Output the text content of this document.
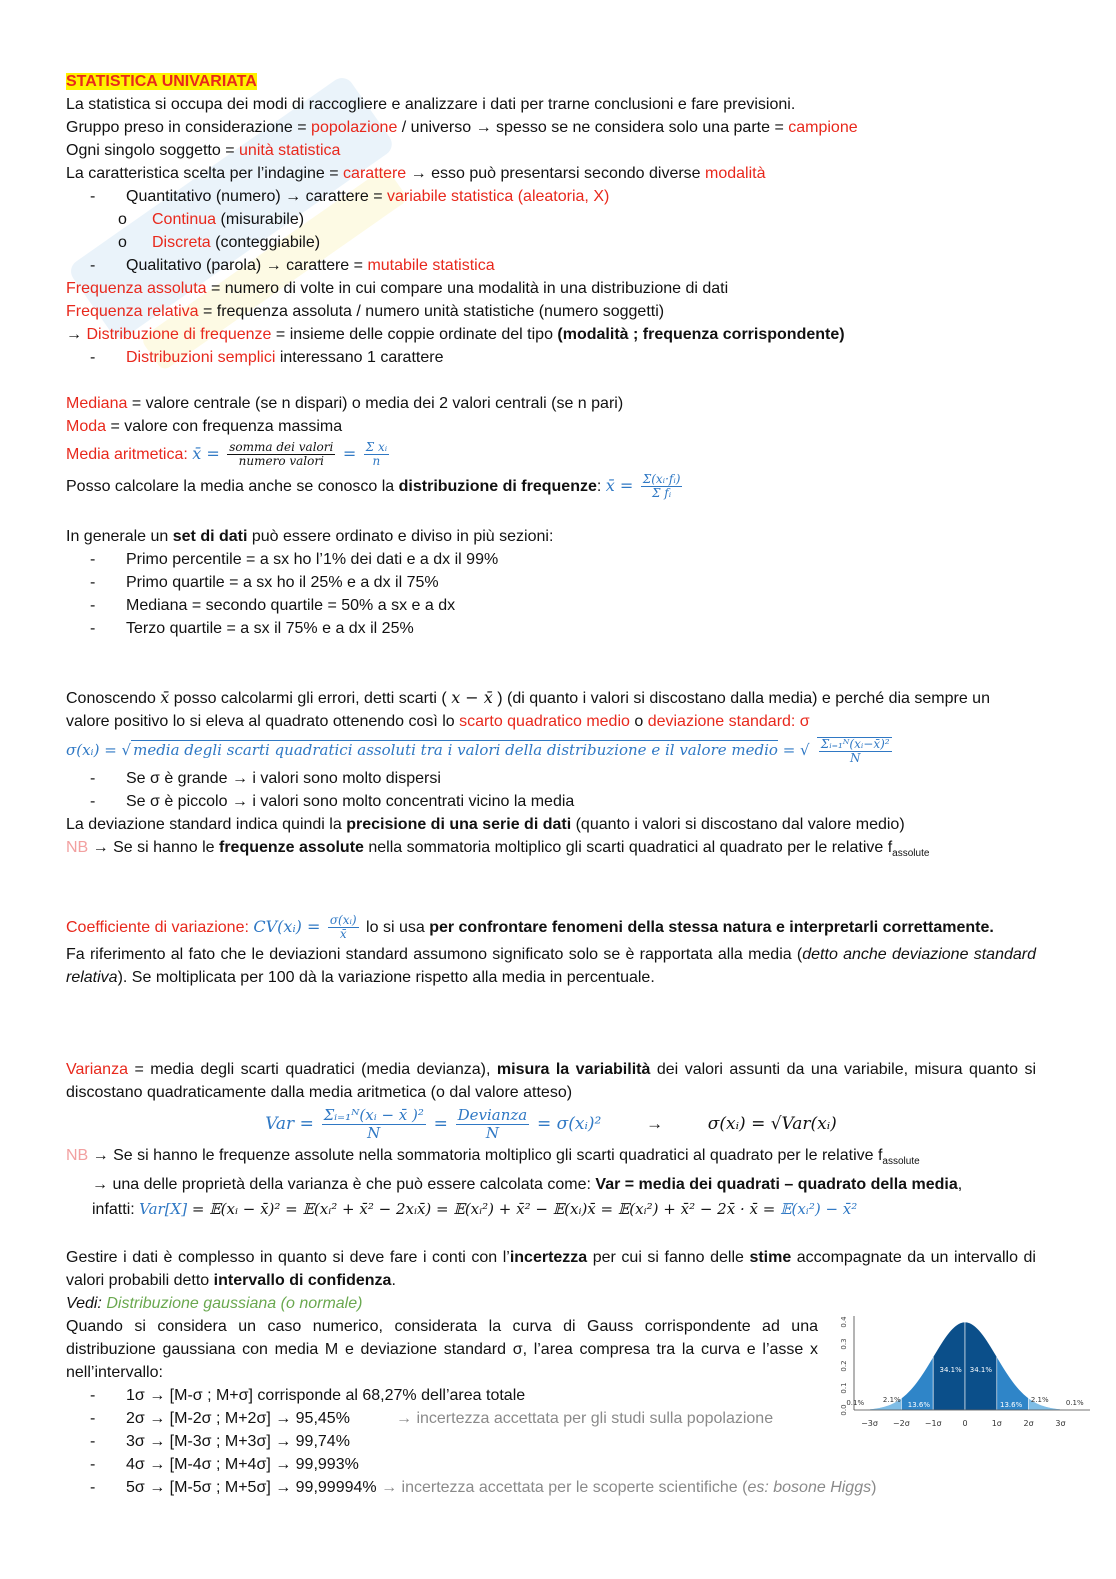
STATISTICA UNIVARIATA
La statistica si occupa dei modi di raccogliere e analizzare i dati per trarne conclusioni e fare previsioni.
Gruppo preso in considerazione = popolazione / universo → spesso se ne considera solo una parte = campione
Ogni singolo soggetto = unità statistica
La caratteristica scelta per l’indagine = carattere → esso può presentarsi secondo diverse modalità
-	Quantitativo (numero) → carattere = variabile statistica (aleatoria, X)
o	Continua (misurabile)
o	Discreta (conteggiabile)
-	Qualitativo (parola) → carattere = mutabile statistica
Frequenza assoluta = numero di volte in cui compare una modalità in una distribuzione di dati
Frequenza relativa = frequenza assoluta / numero unità statistiche (numero soggetti)
→ Distribuzione di frequenze = insieme delle coppie ordinate del tipo (modalità ; frequenza corrispondente)
-	Distribuzioni semplici interessano 1 carattere
Mediana = valore centrale (se n dispari) o media dei 2 valori centrali (se n pari)
Moda = valore con frequenza massima
Media aritmetica: x̄ = $\frac{\text{somma dei valori}}{\text{numero valori}} = \frac{\text{Σ xᵢ}}{n}$
Posso calcolare la media anche se conosco la distribuzione di frequenze: x̄ = $\frac{\text{Σ(xᵢ·fᵢ)}}{\text{Σ fᵢ}}$
In generale un set di dati può essere ordinato e diviso in più sezioni:
-	Primo percentile = a sx ho l’1% dei dati e a dx il 99%
-	Primo quartile = a sx ho il 25% e a dx il 75%
-	Mediana = secondo quartile = 50% a sx e a dx
-	Terzo quartile = a sx il 75% e a dx il 25%
Conoscendo x̄ posso calcolarmi gli errori, detti scarti ( x − x̄ ) (di quanto i valori si discostano dalla media) e perché dia sempre un valore positivo lo si eleva al quadrato ottenendo così lo scarto quadratico medio o deviazione standard: σ
σ(xᵢ) = √ media degli scarti quadratici assoluti tra i valori della distribuzione e il valore medio = √ $\frac{\text{Σᵢ₌₁ᴺ(xᵢ−x̄)²}}{N}$
-	Se σ è grande → i valori sono molto dispersi
-	Se σ è piccolo → i valori sono molto concentrati vicino la media
La deviazione standard indica quindi la precisione di una serie di dati (quanto i valori si discostano dal valore medio)
NB → Se si hanno le frequenze assolute nella sommatoria moltiplico gli scarti quadratici al quadrato per le relative $f_{assolute}$
Coefficiente di variazione: CV(xᵢ) = $\frac{\text{σ(xᵢ)}}{x̄}$ lo si usa per confrontare fenomeni della stessa natura e interpretarli correttamente.
Fa riferimento al fato che le deviazioni standard assumono significato solo se è rapportata alla media (detto anche deviazione standard relativa). Se moltiplicata per 100 dà la variazione rispetto alla media in percentuale.
Varianza = media degli scarti quadratici (media devianza), misura la variabilità dei valori assunti da una variabile, misura quanto si discostano quadraticamente dalla media aritmetica (o dal valore atteso)
Var = $\frac{\text{Σᵢ₌₁ᴺ(xᵢ − x̄ )²}}{N} = \frac{\text{Devianza}}{N}$ = σ(xᵢ)²	→	σ(xᵢ) = √Var(xᵢ)
NB → Se si hanno le frequenze assolute nella sommatoria moltiplico gli scarti quadratici al quadrato per le relative $f_{assolute}$
→ una delle proprietà della varianza è che può essere calcolata come: Var = media dei quadrati – quadrato della media,
infatti: Var[X] = 𝔼(xᵢ − x̄)² = 𝔼(xᵢ² + x̄² − 2xᵢx̄) = 𝔼(xᵢ²) + x̄² − 𝔼(xᵢ)x̄ = 𝔼(xᵢ²) + x̄² − 2x̄ · x̄ = 𝔼(xᵢ²) − x̄²
Gestire i dati è complesso in quanto si deve fare i conti con l’incertezza per cui si fanno delle stime accompagnate da un intervallo di valori probabili detto intervallo di confidenza.
Vedi: Distribuzione gaussiana (o normale)
Quando si considera un caso numerico, considerata la curva di Gauss corrispondente ad una distribuzione gaussiana con media M e deviazione standard σ, l’area compresa tra la curva e l’asse x nell’intervallo:
-	1σ → [M-σ ; M+σ] corrisponde al 68,27% dell’area totale
-	2σ → [M-2σ ; M+2σ] → 95,45%	→ incertezza accettata per gli studi sulla popolazione
-	3σ → [M-3σ ; M+3σ] → 99,74%
-	4σ → [M-4σ ; M+4σ] → 99,993%
-	5σ → [M-5σ ; M+5σ] → 99,99994% → incertezza accettata per le scoperte scientifiche (es: bosone Higgs)
0.0
0.1
0.2
0.3
0.4
−3σ −2σ −1σ	0	1σ	2σ	3σ
0.1%	2.1%
13.6%
34.1% 34.1%
13.6%
2.1% 0.1%
